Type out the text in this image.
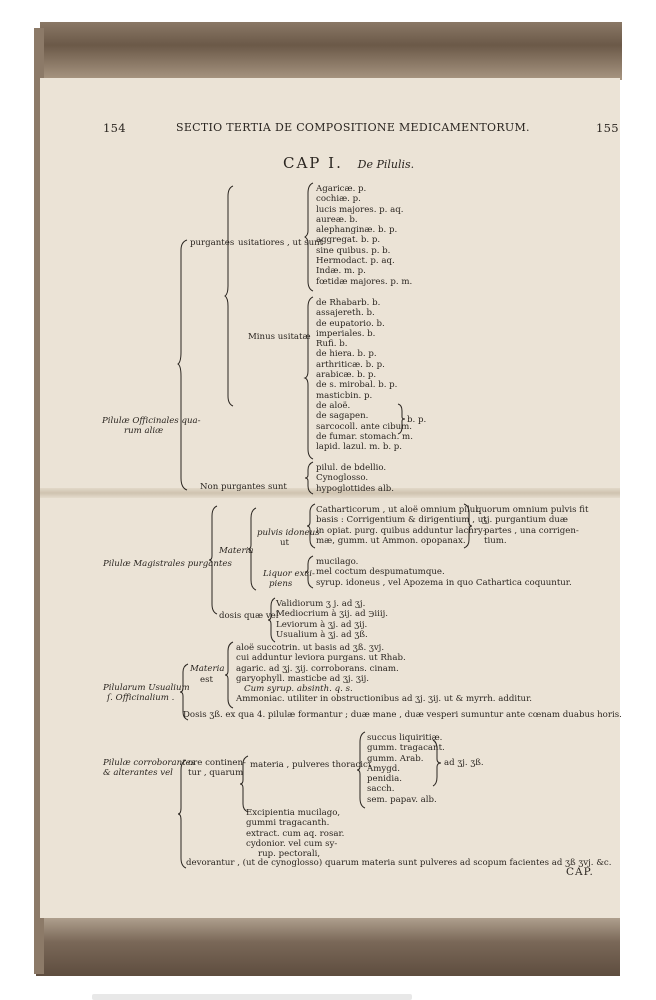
154	SECTIO TERTIA DE COMPOSITIONE MEDICAMENTORUM.	155
CAP I. De Pilulis.
Pilulæ Officinales qua-
rum aliæ
purgantes usitatiores , ut sunt
Agaricæ. p.
cochiæ. p.
lucis majores. p. aq.
aureæ. b.
alephanginæ. b. p.
aggregat. b. p.
sine quibus. p. b.
Hermodact. p. aq.
Indæ. m. p.
fœtidæ majores. p. m.
Minus usitatæ
de Rhabarb. b.
assajereth. b.
de eupatorio. b.
imperiales. b.
Rufi. b.
de hiera. b. p.
arthriticæ. b. p.
arabicæ. b. p.
de s. mirobal. b. p.
masticbin. p.
de aloë.
de sagapen.
sarcocoll. ante cibum.
de fumar. stomach. m.
lapid. lazul. m. b. p.
b. p.
Non purgantes sunt
pilul. de bdellio.
Cynoglosso.
hypoglottides alb.
Pilulæ Magistrales purgantes
Materia
pulvis idoneus
ut
Catharticorum , ut aloë omnium pilul.
basis : Corrigentium & dirigentium , ut
in opiat. purg. quibus adduntur lachry-
mæ, gumm. ut Ammon. opopanax.
quorum omnium pulvis fit
ʒj. purgantium duæ
partes , una corrigen-
tium.
Liquor exci-
piens
mucilago.
mel coctum despumatumque.
syrup. idoneus , vel Apozema in quo Cathartica coquuntur.
dosis quæ vel
Validiorum ʒ j. ad ʒj.
Mediocrium à ʒij. ad ℈iiij.
Leviorum à ʒj. ad ʒij.
Usualium à ʒj. ad ʒß.
Pilularum Usualium
ſ. Officinalium .
Materia
est
aloë succotrin. ut basis ad ʒß. ʒvj.
cui adduntur leviora purgans. ut Rhab.
agaric. ad ʒj. ʒij. corroborans. cinam.
garyophyll. masticbe ad ʒj. ʒij.
Cum syrup. absinth. q. s.
Ammoniac. utiliter in obstructionibus ad ʒj. ʒij. ut & myrrh. additur.
Dosis ʒß. ex qua 4. pilulæ formantur ; duæ mane , duæ vesperi sumuntur ante cœnam duabus horis.
Pilulæ corroborantes
& alterantes vel
ore continen-
tur , quarum
materia , pulveres thoracici
succus liquiritiæ.
gumm. tragacant.
gumm. Arab.
Amygd.
penidia.
sacch.
sem. papav. alb.
ad ʒj. ʒß.
Excipientia mucilago,
gummi tragacanth.
extract. cum aq. rosar.
cydonior. vel cum sy-
rup. pectorali,
devorantur , (ut de cynoglosso) quarum materia sunt pulveres ad scopum facientes ad ʒß ʒvj. &c.
CAP.
